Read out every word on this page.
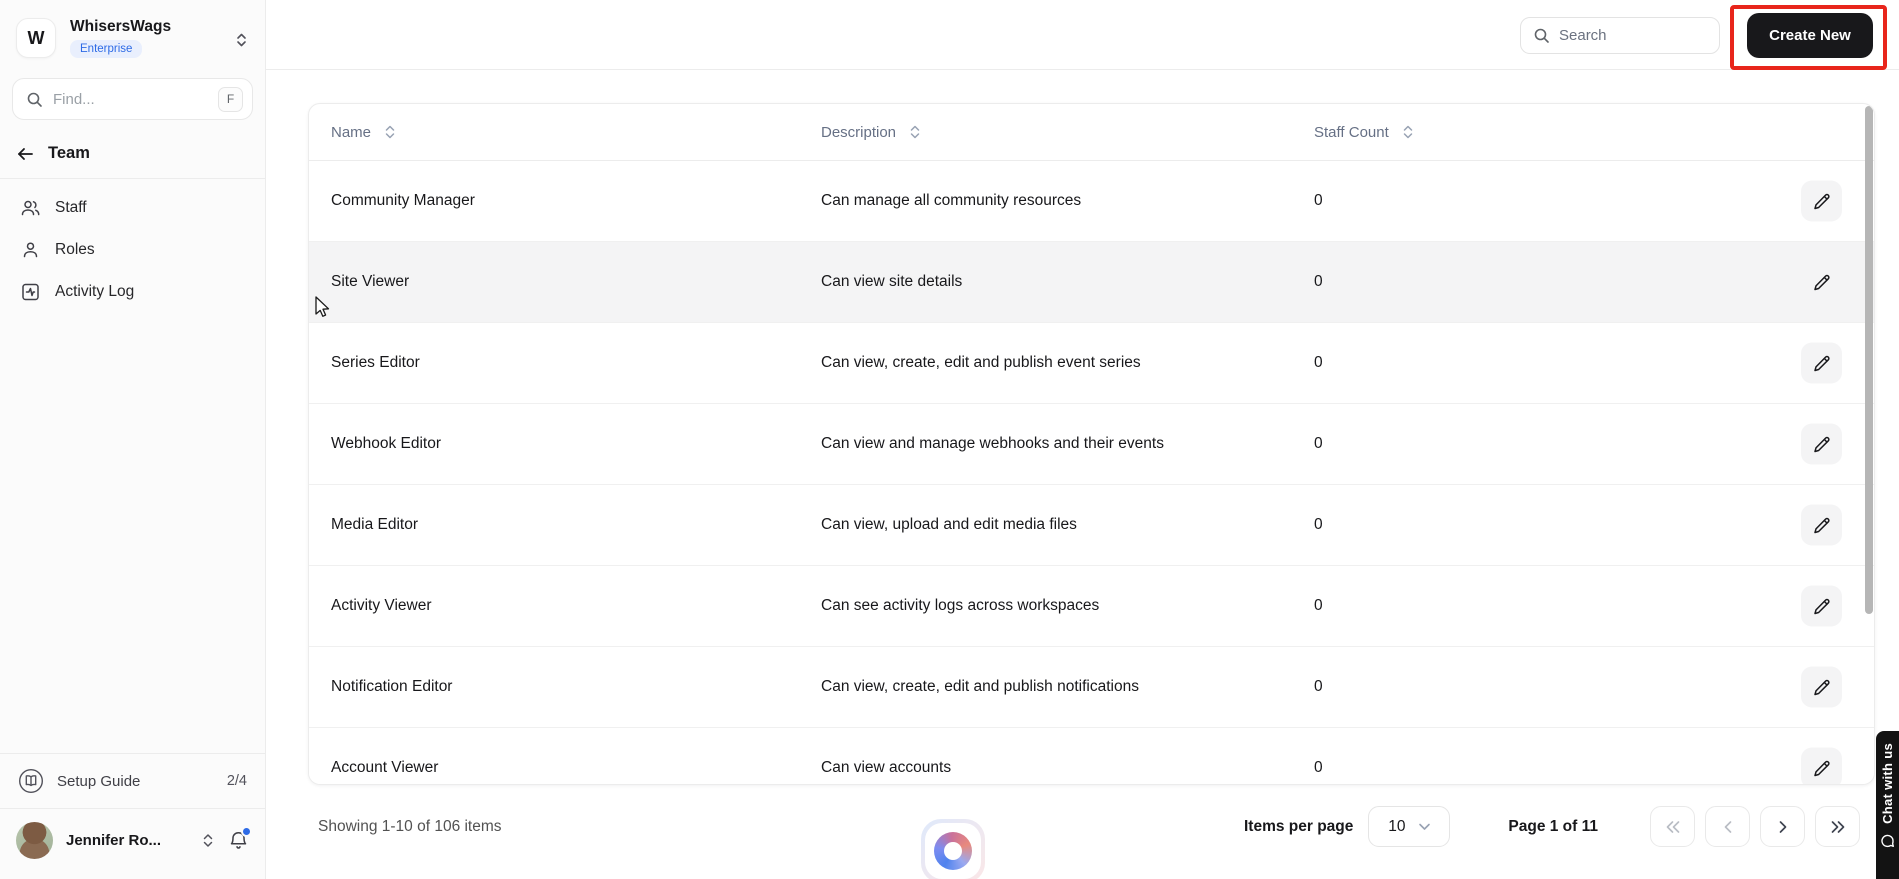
W
WhisersWags
Enterprise
Find...	F
Team
Staff
Roles
Activity Log
Setup Guide	2/4
Jennifer Ro...
Search	Create New
Name	Description	Staff Count
Community Manager	Can manage all community resources	0
Site Viewer	Can view site details	0
Series Editor	Can view, create, edit and publish event series	0
Webhook Editor	Can view and manage webhooks and their events	0
Media Editor	Can view, upload and edit media files	0
Activity Viewer	Can see activity logs across workspaces	0
Notification Editor	Can view, create, edit and publish notifications	0
Account Viewer	Can view accounts	0
Showing 1-10 of 106 items	Items per page 10	Page 1 of 11
Chat with us
